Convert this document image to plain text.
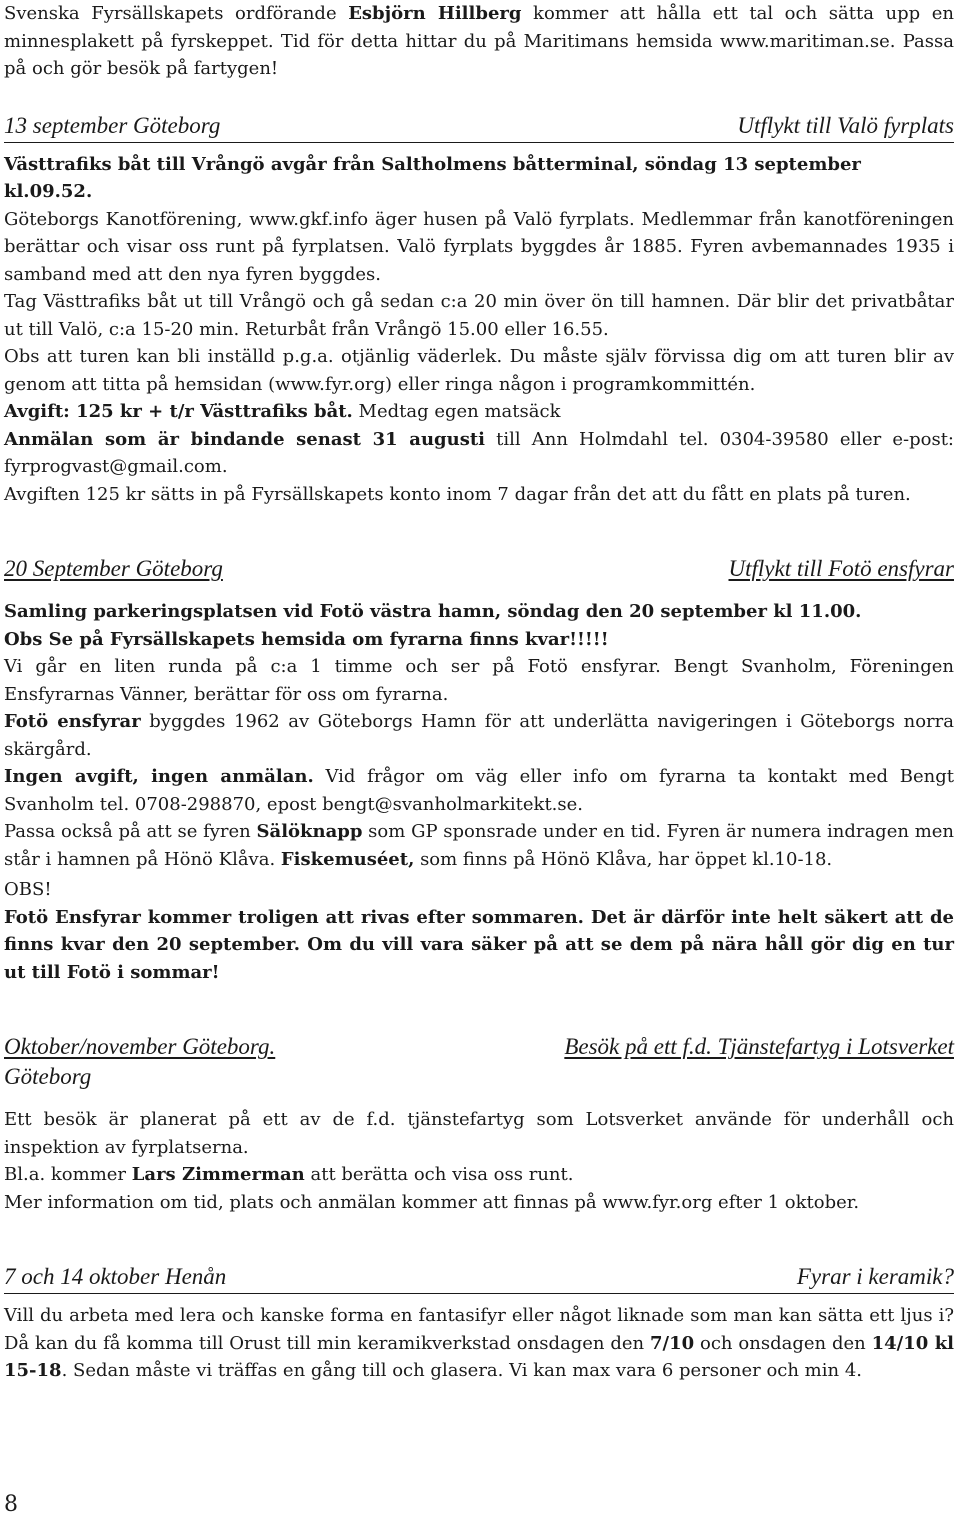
Svenska Fyrsällskapets ordförande Esbjörn Hillberg kommer att hålla ett tal och sätta upp en minnesplakett på fyrskeppet. Tid för detta hittar du på Maritimans hemsida www.maritiman.se. Passa på och gör besök på fartygen!

13 september Göteborg	Utflykt till Valö fyrplats

Västtrafiks båt till Vrångö avgår från Saltholmens båtterminal, söndag 13 september kl.09.52.

Göteborgs Kanotförening, www.gkf.info äger husen på Valö fyrplats. Medlemmar från kanotföreningen berättar och visar oss runt på fyrplatsen. Valö fyrplats byggdes år 1885. Fyren avbemannades 1935 i samband med att den nya fyren byggdes.

Tag Västtrafiks båt ut till Vrångö och gå sedan c:a 20 min över ön till hamnen. Där blir det privatbåtar ut till Valö, c:a 15-20 min. Returbåt från Vrångö 15.00 eller 16.55.

Obs att turen kan bli inställd p.g.a. otjänlig väderlek. Du måste själv förvissa dig om att turen blir av genom att titta på hemsidan (www.fyr.org) eller ringa någon i programkommittén.

Avgift: 125 kr + t/r Västtrafiks båt. Medtag egen matsäck

Anmälan som är bindande senast 31 augusti till Ann Holmdahl tel. 0304-39580 eller e-post: fyrprogvast@gmail.com.

Avgiften 125 kr sätts in på Fyrsällskapets konto inom 7 dagar från det att du fått en plats på turen.

20 September Göteborg	Utflykt till Fotö ensfyrar

Samling parkeringsplatsen vid Fotö västra hamn, söndag den 20 september kl 11.00.

Obs Se på Fyrsällskapets hemsida om fyrarna finns kvar!!!!!

Vi går en liten runda på c:a 1 timme och ser på Fotö ensfyrar. Bengt Svanholm, Föreningen Ensfyrarnas Vänner, berättar för oss om fyrarna.

Fotö ensfyrar byggdes 1962 av Göteborgs Hamn för att underlätta navigeringen i Göteborgs norra skärgård.

Ingen avgift, ingen anmälan. Vid frågor om väg eller info om fyrarna ta kontakt med Bengt Svanholm tel. 0708-298870, epost bengt@svanholmarkitekt.se.

Passa också på att se fyren Sälöknapp som GP sponsrade under en tid. Fyren är numera indragen men står i hamnen på Hönö Klåva. Fiskemuséet, som finns på Hönö Klåva, har öppet kl.10-18.

OBS!

Fotö Ensfyrar kommer troligen att rivas efter sommaren. Det är därför inte helt säkert att de finns kvar den 20 september. Om du vill vara säker på att se dem på nära håll gör dig en tur ut till Fotö i sommar!

Oktober/november Göteborg.	Besök på ett f.d. Tjänstefartyg i Lotsverket
Göteborg

Ett besök är planerat på ett av de f.d. tjänstefartyg som Lotsverket använde för underhåll och inspektion av fyrplatserna.

Bl.a. kommer Lars Zimmerman att berätta och visa oss runt.

Mer information om tid, plats och anmälan kommer att finnas på www.fyr.org efter 1 oktober.

7 och 14 oktober Henån	Fyrar i keramik?

Vill du arbeta med lera och kanske forma en fantasifyr eller något liknade som man kan sätta ett ljus i? Då kan du få komma till Orust till min keramikverkstad onsdagen den 7/10 och onsdagen den 14/10 kl 15-18. Sedan måste vi träffas en gång till och glasera. Vi kan max vara 6 personer och min 4.

8
